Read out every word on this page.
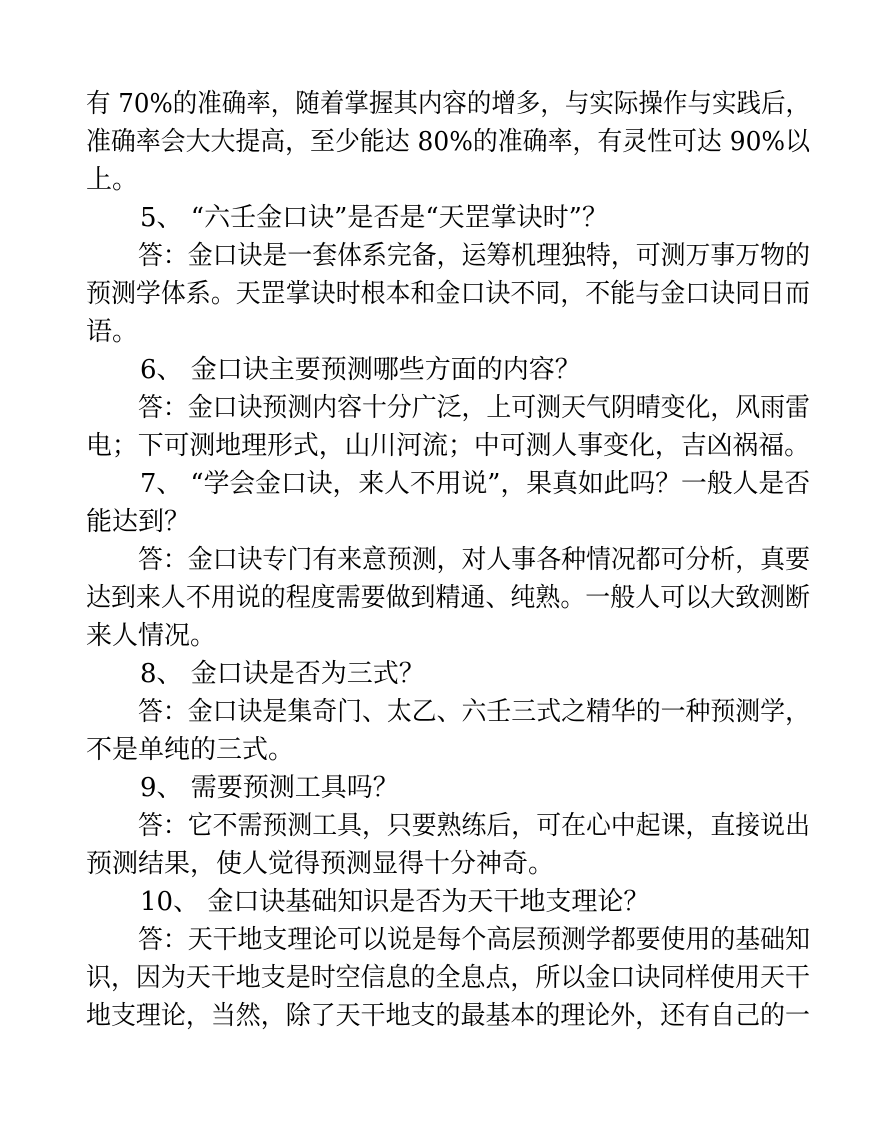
有 70%的准确率，随着掌握其内容的增多，与实际操作与实践后，
准确率会大大提高，至少能达 80%的准确率，有灵性可达 90%以
上。
5、 “六壬金口诀”是否是“天罡掌诀时”？
答：金口诀是一套体系完备，运筹机理独特，可测万事万物的
预测学体系。天罡掌诀时根本和金口诀不同，不能与金口诀同日而
语。
6、 金口诀主要预测哪些方面的内容？
答：金口诀预测内容十分广泛，上可测天气阴晴变化，风雨雷
电；下可测地理形式，山川河流；中可测人事变化，吉凶祸福。
7、 “学会金口诀，来人不用说”，果真如此吗？一般人是否
能达到？
答：金口诀专门有来意预测，对人事各种情况都可分析，真要
达到来人不用说的程度需要做到精通、纯熟。一般人可以大致测断
来人情况。
8、 金口诀是否为三式？
答：金口诀是集奇门、太乙、六壬三式之精华的一种预测学，
不是单纯的三式。
9、 需要预测工具吗？
答：它不需预测工具，只要熟练后，可在心中起课，直接说出
预测结果，使人觉得预测显得十分神奇。
10、 金口诀基础知识是否为天干地支理论？
答：天干地支理论可以说是每个高层预测学都要使用的基础知
识，因为天干地支是时空信息的全息点，所以金口诀同样使用天干
地支理论，当然，除了天干地支的最基本的理论外，还有自己的一
